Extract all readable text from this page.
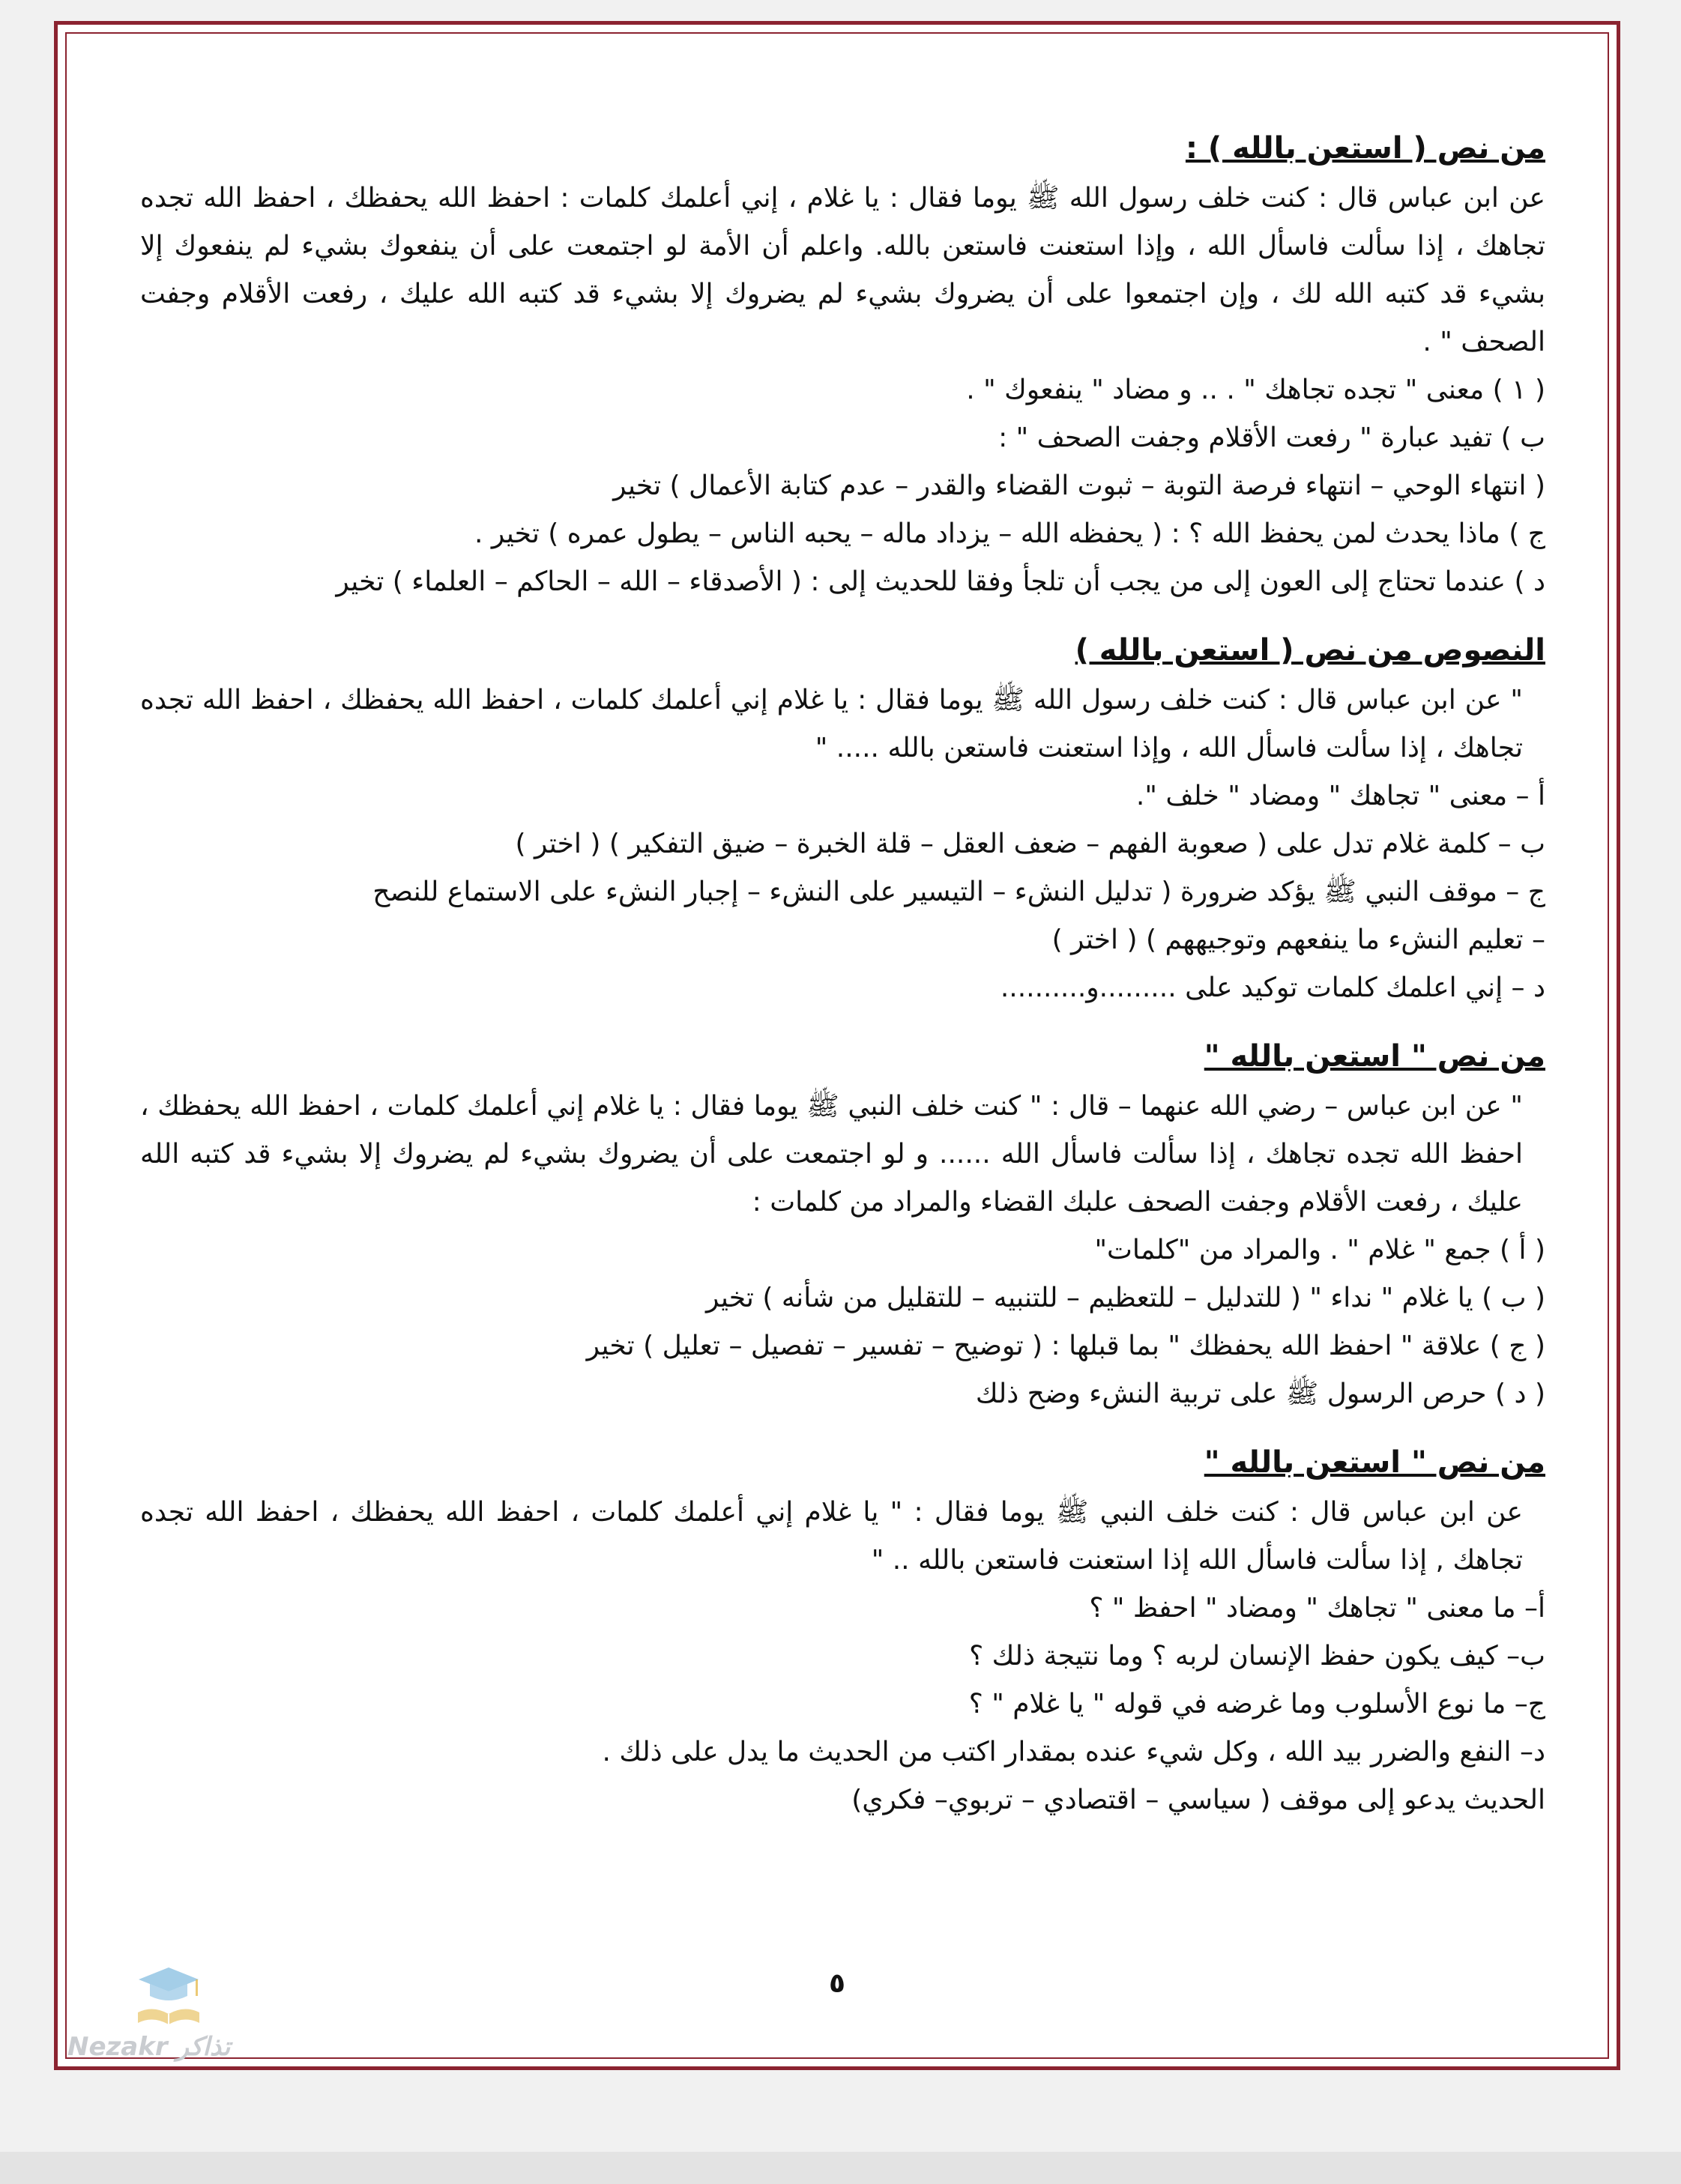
من نص ( استعن بالله ) :
عن ابن عباس قال : كنت خلف رسول الله ﷺ يوما فقال : يا غلام ، إني أعلمك كلمات : احفظ الله يحفظك ، احفظ الله تجده تجاهك ، إذا سألت فاسأل الله ، وإذا استعنت فاستعن بالله. واعلم أن الأمة لو اجتمعت على أن ينفعوك بشيء لم ينفعوك إلا بشيء قد كتبه الله لك ، وإن اجتمعوا على أن يضروك بشيء لم يضروك إلا بشيء قد كتبه الله عليك ، رفعت الأقلام وجفت الصحف " .
( ١ ) معنى " تجده تجاهك " . .. و مضاد " ينفعوك " .
ب ) تفيد عبارة " رفعت الأقلام وجفت الصحف " :
( انتهاء الوحي – انتهاء فرصة التوبة – ثبوت القضاء والقدر – عدم كتابة الأعمال ) تخير
ج ) ماذا يحدث لمن يحفظ الله ؟ : ( يحفظه الله – يزداد ماله – يحبه الناس – يطول عمره ) تخير .
د ) عندما تحتاج إلى العون إلى من يجب أن تلجأ وفقا للحديث إلى : ( الأصدقاء – الله – الحاكم – العلماء ) تخير
النصوص من نص ( استعن بالله )
" عن ابن عباس قال : كنت خلف رسول الله ﷺ يوما فقال : يا غلام إني أعلمك كلمات ، احفظ الله يحفظك ، احفظ الله تجده تجاهك ، إذا سألت فاسأل الله ، وإذا استعنت فاستعن بالله ..... "
أ – معنى " تجاهك " ومضاد " خلف ".
ب – كلمة غلام تدل على ( صعوبة الفهم – ضعف العقل – قلة الخبرة – ضيق التفكير ) ( اختر )
ج – موقف النبي ﷺ يؤكد ضرورة ( تدليل النشء – التيسير على النشء – إجبار النشء على الاستماع للنصح
– تعليم النشء ما ينفعهم وتوجيههم ) ( اختر )
د – إني اعلمك كلمات توكيد على .........و..........
من نص " استعن بالله "
" عن ابن عباس – رضي الله عنهما – قال : " كنت خلف النبي ﷺ يوما فقال : يا غلام إني أعلمك كلمات ، احفظ الله يحفظك ، احفظ الله تجده تجاهك ، إذا سألت فاسأل الله ...... و لو اجتمعت على أن يضروك بشيء لم يضروك إلا بشيء قد كتبه الله عليك ، رفعت الأقلام وجفت الصحف علبك القضاء والمراد من كلمات :
( أ ) جمع " غلام " . والمراد من "كلمات"
( ب ) يا غلام " نداء " ( للتدليل – للتعظيم – للتنبيه – للتقليل من شأنه ) تخير
( ج ) علاقة " احفظ الله يحفظك " بما قبلها : ( توضيح – تفسير – تفصيل – تعليل ) تخير
( د ) حرص الرسول ﷺ على تربية النشء وضح ذلك
من نص " استعن بالله "
عن ابن عباس قال : كنت خلف النبي ﷺ يوما فقال : " يا غلام إني أعلمك كلمات ، احفظ الله يحفظك ، احفظ الله تجده تجاهك , إذا سألت فاسأل الله إذا استعنت فاستعن بالله .. "
أ– ما معنى " تجاهك " ومضاد " احفظ " ؟
ب– كيف يكون حفظ الإنسان لربه ؟ وما نتيجة ذلك ؟
ج– ما نوع الأسلوب وما غرضه في قوله " يا غلام " ؟
د– النفع والضرر بيد الله ، وكل شيء عنده بمقدار اكتب من الحديث ما يدل على ذلك .
الحديث يدعو إلى موقف ( سياسي – اقتصادي – تربوي– فكري)
٥
Nezakr تذاكر
